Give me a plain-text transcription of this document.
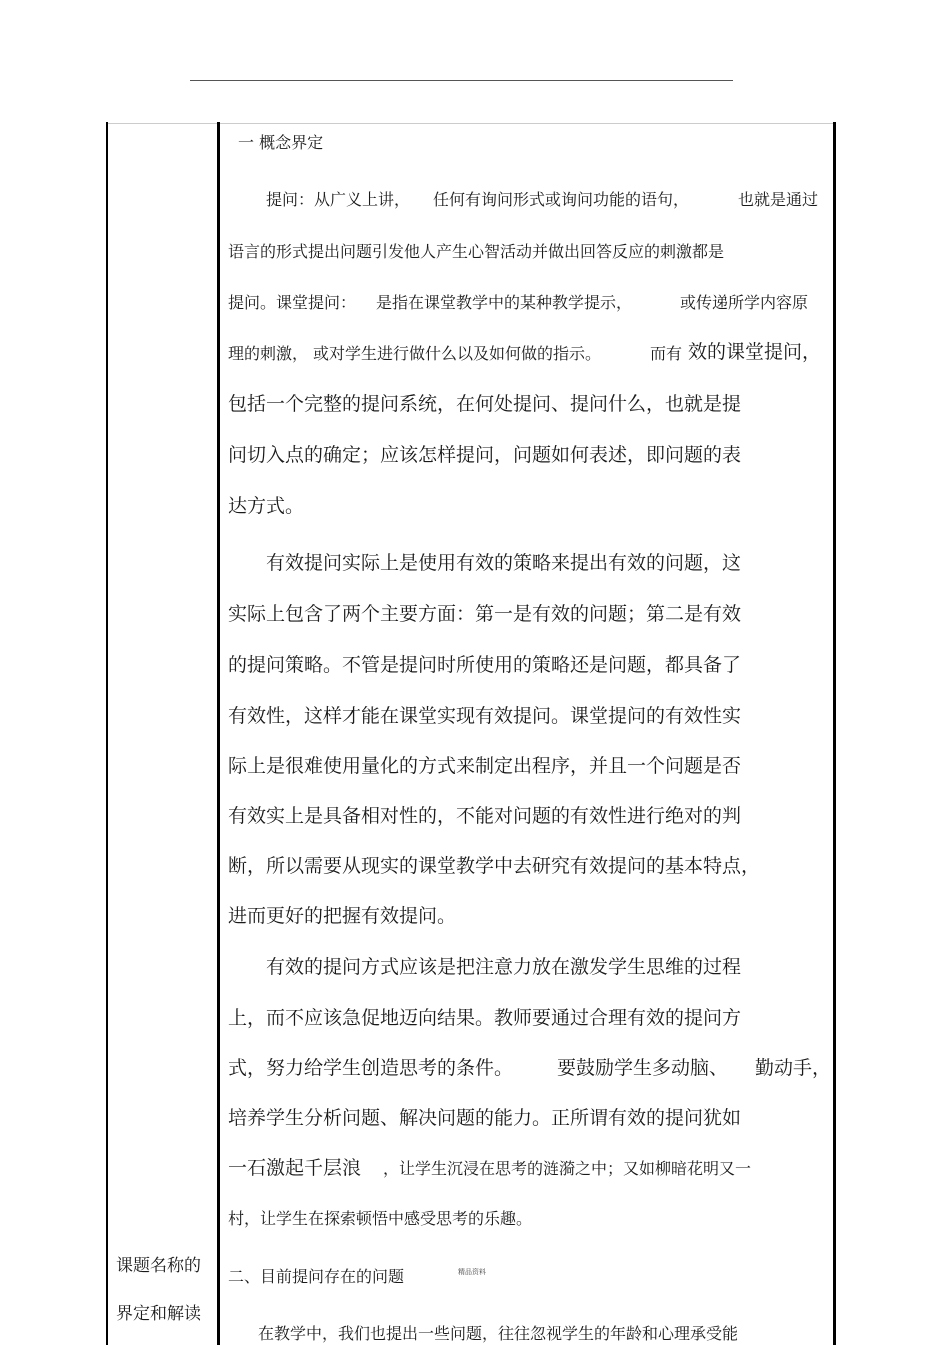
课题名称的
界定和解读
一 概念界定
提问：从广义上讲， 任何有询问形式或询问功能的语句，	也就是通过
语言的形式提出问题引发他人产生心智活动并做出回答反应的刺激都是
提问。课堂提问： 是指在课堂教学中的某种教学提示，	或传递所学内容原
理的刺激， 或对学生进行做什么以及如何做的指示。	而有 效的课堂提问，
包括一个完整的提问系统，在何处提问、提问什么，也就是提
问切入点的确定；应该怎样提问，问题如何表述，即问题的表
达方式。
有效提问实际上是使用有效的策略来提出有效的问题，这
实际上包含了两个主要方面：第一是有效的问题；第二是有效
的提问策略。不管是提问时所使用的策略还是问题，都具备了
有效性，这样才能在课堂实现有效提问。课堂提问的有效性实
际上是很难使用量化的方式来制定出程序，并且一个问题是否
有效实上是具备相对性的，不能对问题的有效性进行绝对的判
断，所以需要从现实的课堂教学中去研究有效提问的基本特点，
进而更好的把握有效提问。
有效的提问方式应该是把注意力放在激发学生思维的过程
上，而不应该急促地迈向结果。教师要通过合理有效的提问方
式，努力给学生创造思考的条件。 要鼓励学生多动脑、 勤动手，
培养学生分析问题、解决问题的能力。正所谓有效的提问犹如
一石激起千层浪 ，让学生沉浸在思考的涟漪之中；又如柳暗花明又一
村，让学生在探索顿悟中感受思考的乐趣。
二、目前提问存在的问题	精品资料
在教学中，我们也提出一些问题，往往忽视学生的年龄和心理承受能
